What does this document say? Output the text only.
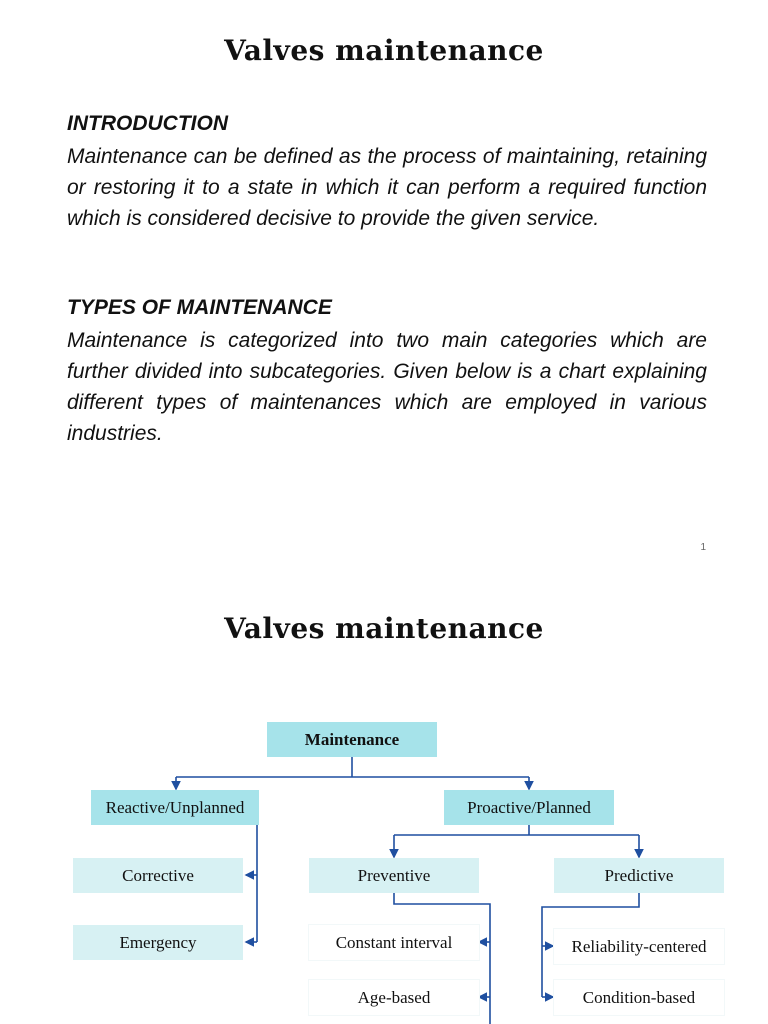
Valves maintenance
INTRODUCTION

Maintenance can be defined as the process of maintaining, retaining or restoring it to a state in which it can perform a required function which is considered decisive to provide the given service.

TYPES OF MAINTENANCE

Maintenance is categorized into two main categories which are further divided into subcategories. Given below is a chart explaining different types of maintenances which are employed in various industries.

1
Valves maintenance
Maintenance
Reactive/Unplanned	Proactive/Planned
Corrective
Emergency
Preventive	Predictive
Constant interval
Age-based
Reliability-centered
Condition-based
